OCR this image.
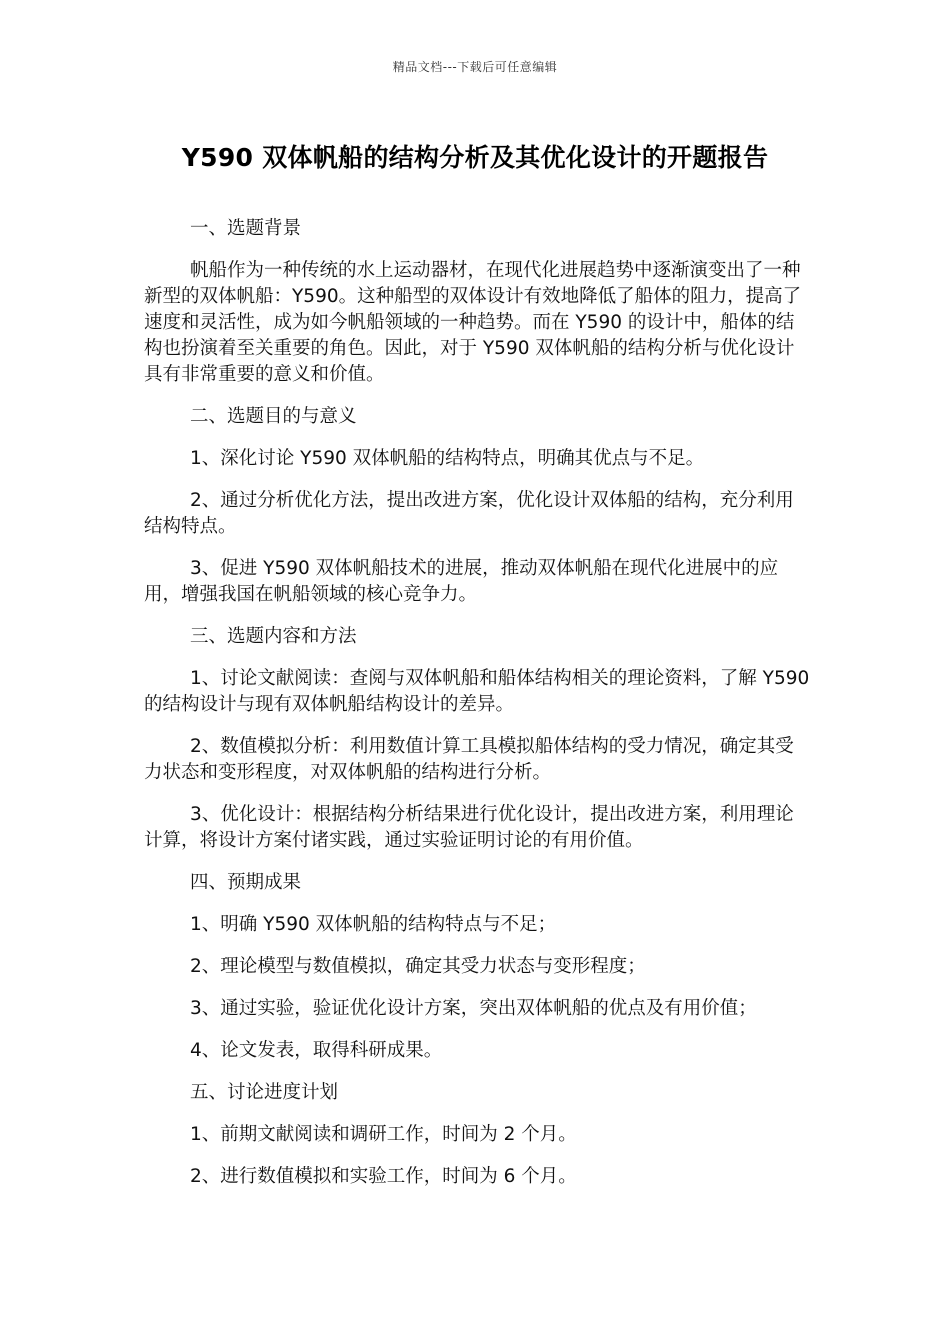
精品文档---下载后可任意编辑
Y590 双体帆船的结构分析及其优化设计的开题报告

一、选题背景

帆船作为一种传统的水上运动器材，在现代化进展趋势中逐渐演变出了一种新型的双体帆船：Y590。这种船型的双体设计有效地降低了船体的阻力，提高了速度和灵活性，成为如今帆船领域的一种趋势。而在 Y590 的设计中，船体的结构也扮演着至关重要的角色。因此，对于 Y590 双体帆船的结构分析与优化设计具有非常重要的意义和价值。

二、选题目的与意义

1、深化讨论 Y590 双体帆船的结构特点，明确其优点与不足。

2、通过分析优化方法，提出改进方案，优化设计双体船的结构，充分利用结构特点。

3、促进 Y590 双体帆船技术的进展，推动双体帆船在现代化进展中的应用，增强我国在帆船领域的核心竞争力。

三、选题内容和方法

1、讨论文献阅读：查阅与双体帆船和船体结构相关的理论资料，了解 Y590 的结构设计与现有双体帆船结构设计的差异。

2、数值模拟分析：利用数值计算工具模拟船体结构的受力情况，确定其受力状态和变形程度，对双体帆船的结构进行分析。

3、优化设计：根据结构分析结果进行优化设计，提出改进方案，利用理论计算，将设计方案付诸实践，通过实验证明讨论的有用价值。

四、预期成果

1、明确 Y590 双体帆船的结构特点与不足；

2、理论模型与数值模拟，确定其受力状态与变形程度；

3、通过实验，验证优化设计方案，突出双体帆船的优点及有用价值；

4、论文发表，取得科研成果。

五、讨论进度计划

1、前期文献阅读和调研工作，时间为 2 个月。

2、进行数值模拟和实验工作，时间为 6 个月。
